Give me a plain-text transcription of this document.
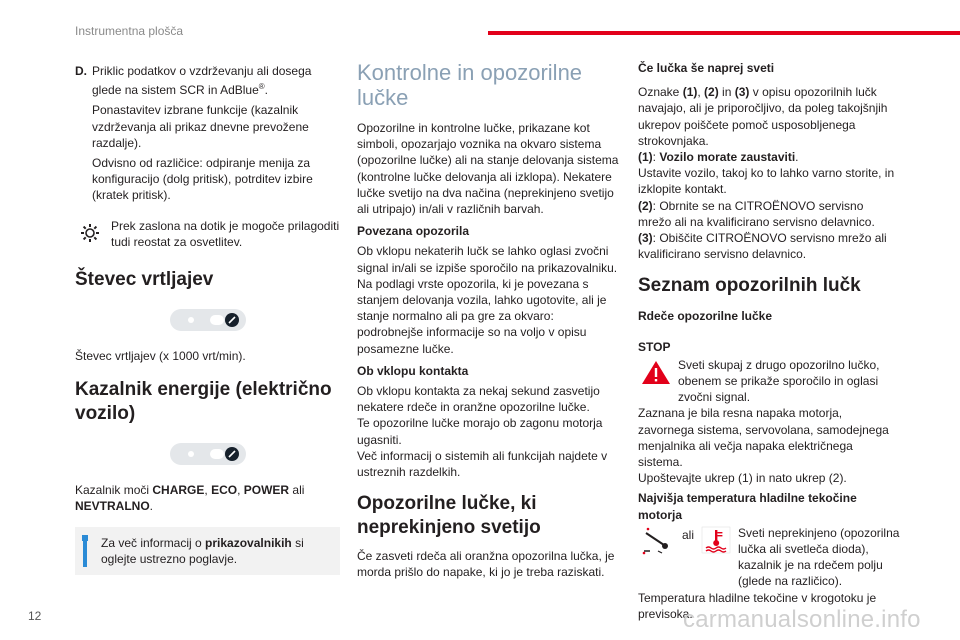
Instrumentna plošča
D. Priklic podatkov o vzdrževanju ali dosega glede na sistem SCR in AdBlue®.

Ponastavitev izbrane funkcije (kazalnik vzdrževanja ali prikaz dnevne prevožene razdalje).

Odvisno od različice: odpiranje menija za konfiguracijo (dolg pritisk), potrditev izbire (kratek pritisk).

Prek zaslona na dotik je mogoče prilagoditi tudi reostat za osvetlitev.
Števec vrtljajev

Števec vrtljajev (x 1000 vrt/min).

Kazalnik energije (električno vozilo)

Kazalnik moči CHARGE, ECO, POWER ali NEVTRALNO.

Za več informacij o prikazovalnikih si oglejte ustrezno poglavje.
Kontrolne in opozorilne lučke

Opozorilne in kontrolne lučke, prikazane kot simboli, opozarjajo voznika na okvaro sistema (opozorilne lučke) ali na stanje delovanja sistema (kontrolne lučke delovanja ali izklopa). Nekatere lučke svetijo na dva načina (neprekinjeno svetijo ali utripajo) in/ali v različnih barvah.

Povezana opozorila

Ob vklopu nekaterih lučk se lahko oglasi zvočni signal in/ali se izpiše sporočilo na prikazovalniku.

Na podlagi vrste opozorila, ki je povezana s stanjem delovanja vozila, lahko ugotovite, ali je stanje normalno ali pa gre za okvaro: podrobnejše informacije so na voljo v opisu posamezne lučke.

Ob vklopu kontakta

Ob vklopu kontakta za nekaj sekund zasvetijo nekatere rdeče in oranžne opozorilne lučke.

Te opozorilne lučke morajo ob zagonu motorja ugasniti.

Več informacij o sistemih ali funkcijah najdete v ustreznih razdelkih.

Opozorilne lučke, ki neprekinjeno svetijo

Če zasveti rdeča ali oranžna opozorilna lučka, je morda prišlo do napake, ki jo je treba raziskati.

Če lučka še naprej sveti

Oznake (1), (2) in (3) v opisu opozorilnih lučk navajajo, ali je priporočljivo, da poleg takojšnjih ukrepov poiščete pomoč usposobljenega strokovnjaka.

(1): Vozilo morate zaustaviti.

Ustavite vozilo, takoj ko to lahko varno storite, in izklopite kontakt.

(2): Obrnite se na CITROËNOVO servisno mrežo ali na kvalificirano servisno delavnico.

(3): Obiščite CITROËNOVO servisno mrežo ali kvalificirano servisno delavnico.

Seznam opozorilnih lučk
Rdeče opozorilne lučke
STOP
Sveti skupaj z drugo opozorilno lučko, obenem se prikaže sporočilo in oglasi zvočni signal.

Zaznana je bila resna napaka motorja, zavornega sistema, servovolana, samodejnega menjalnika ali večja napaka električnega sistema.

Upoštevajte ukrep (1) in nato ukrep (2).

Najvišja temperatura hladilne tekočine motorja
ali	Sveti neprekinjeno (opozorilna lučka ali svetleča dioda), kazalnik je na rdečem polju (glede na različico).

Temperatura hladilne tekočine v krogotoku je previsoka.

12	carmanualsonline.info
